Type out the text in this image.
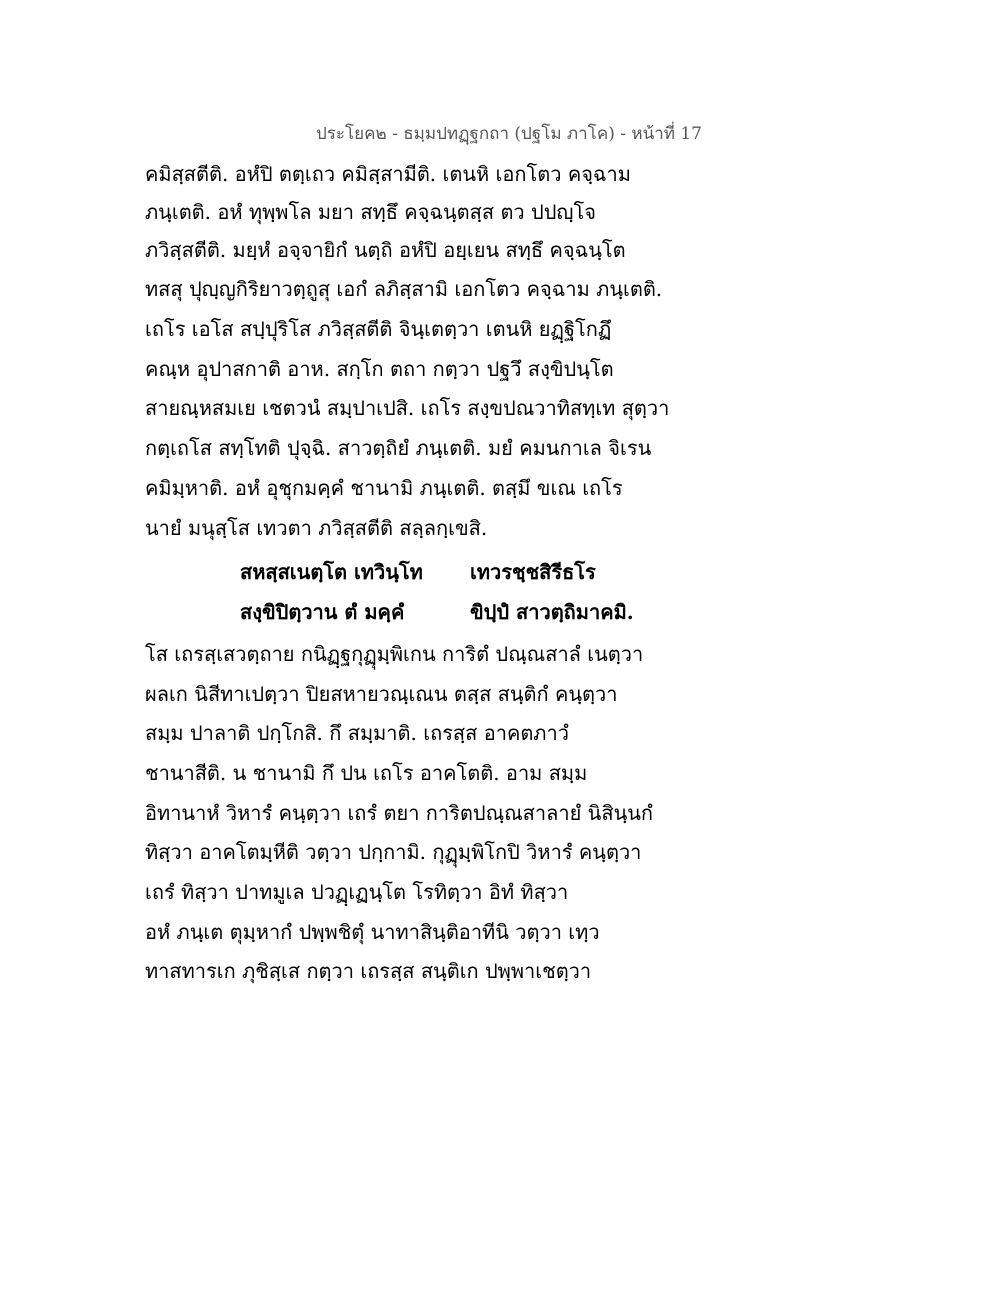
ประโยค๒ - ธมฺมปทฏฺฐกถา (ปฐโม ภาโค) - หน้าที่ 17
คมิสฺสตีติ. อหํปิ ตตฺเถว คมิสฺสามีติ. เตนหิ เอกโตว คจฺฉาม
ภนฺเตติ. อหํ ทุพฺพโล มยา สทฺธึ คจฺฉนฺตสฺส ตว ปปญฺโจ
ภวิสฺสตีติ. มยฺหํ อจฺจายิกํ นตฺถิ อหํปิ อยฺเยน สทฺธึ คจฺฉนฺโต
ทสสุ ปุญฺญกิริยาวตฺถูสุ เอกํ ลภิสฺสามิ เอกโตว คจฺฉาม ภนฺเตติ.
เถโร เอโส สปฺปุริโส ภวิสฺสตีติ จินฺเตตฺวา เตนหิ ยฏฺฐิโกฏึ
คณฺห อุปาสกาติ อาห. สกฺโก ตถา กตฺวา ปฐวึ สงฺขิปนฺโต
สายณฺหสมเย เชตวนํ สมฺปาเปสิ. เถโร สงฺขปณวาทิสทฺเท สุตฺวา
กตฺเถโส สทฺโทติ ปุจฺฉิ. สาวตฺถิยํ ภนฺเตติ. มยํ คมนกาเล จิเรน
คมิมฺหาติ. อหํ อุชุกมคฺคํ ชานามิ ภนฺเตติ. ตสฺมึ ขเณ เถโร
นายํ มนุสฺโส เทวตา ภวิสฺสตีติ สลฺลกฺเขสิ.
สหสฺสเนตฺโต เทวินฺโท เทวรชฺชสิรีธโร
สงฺขิปิตฺวาน ตํ มคฺคํ	ขิปฺปํ สาวตฺถิมาคมิ.
โส เถรสฺเสวตฺถาย กนิฏฺฐกุฏุมฺพิเกน การิตํ ปณฺณสาลํ เนตฺวา
ผลเก นิสีทาเปตฺวา ปิยสหายวณฺเณน ตสฺส สนฺติกํ คนฺตฺวา
สมฺม ปาลาติ ปกฺโกสิ. กึ สมฺมาติ. เถรสฺส อาคตภาวํ
ชานาสีติ. น ชานามิ กึ ปน เถโร อาคโตติ. อาม สมฺม
อิทานาหํ วิหารํ คนฺตฺวา เถรํ ตยา การิตปณฺณสาลายํ นิสินฺนกํ
ทิสฺวา อาคโตมฺหีติ วตฺวา ปกฺกามิ. กุฏุมฺพิโกปิ วิหารํ คนฺตฺวา
เถรํ ทิสฺวา ปาทมูเล ปวฏฺเฏนฺโต โรทิตฺวา อิทํ ทิสฺวา
อหํ ภนฺเต ตุมฺหากํ ปพฺพชิตุํ นาทาสินฺติอาทีนิ วตฺวา เทฺว
ทาสทารเก ภุชิสฺเส กตฺวา เถรสฺส สนฺติเก ปพฺพาเชตฺวา
